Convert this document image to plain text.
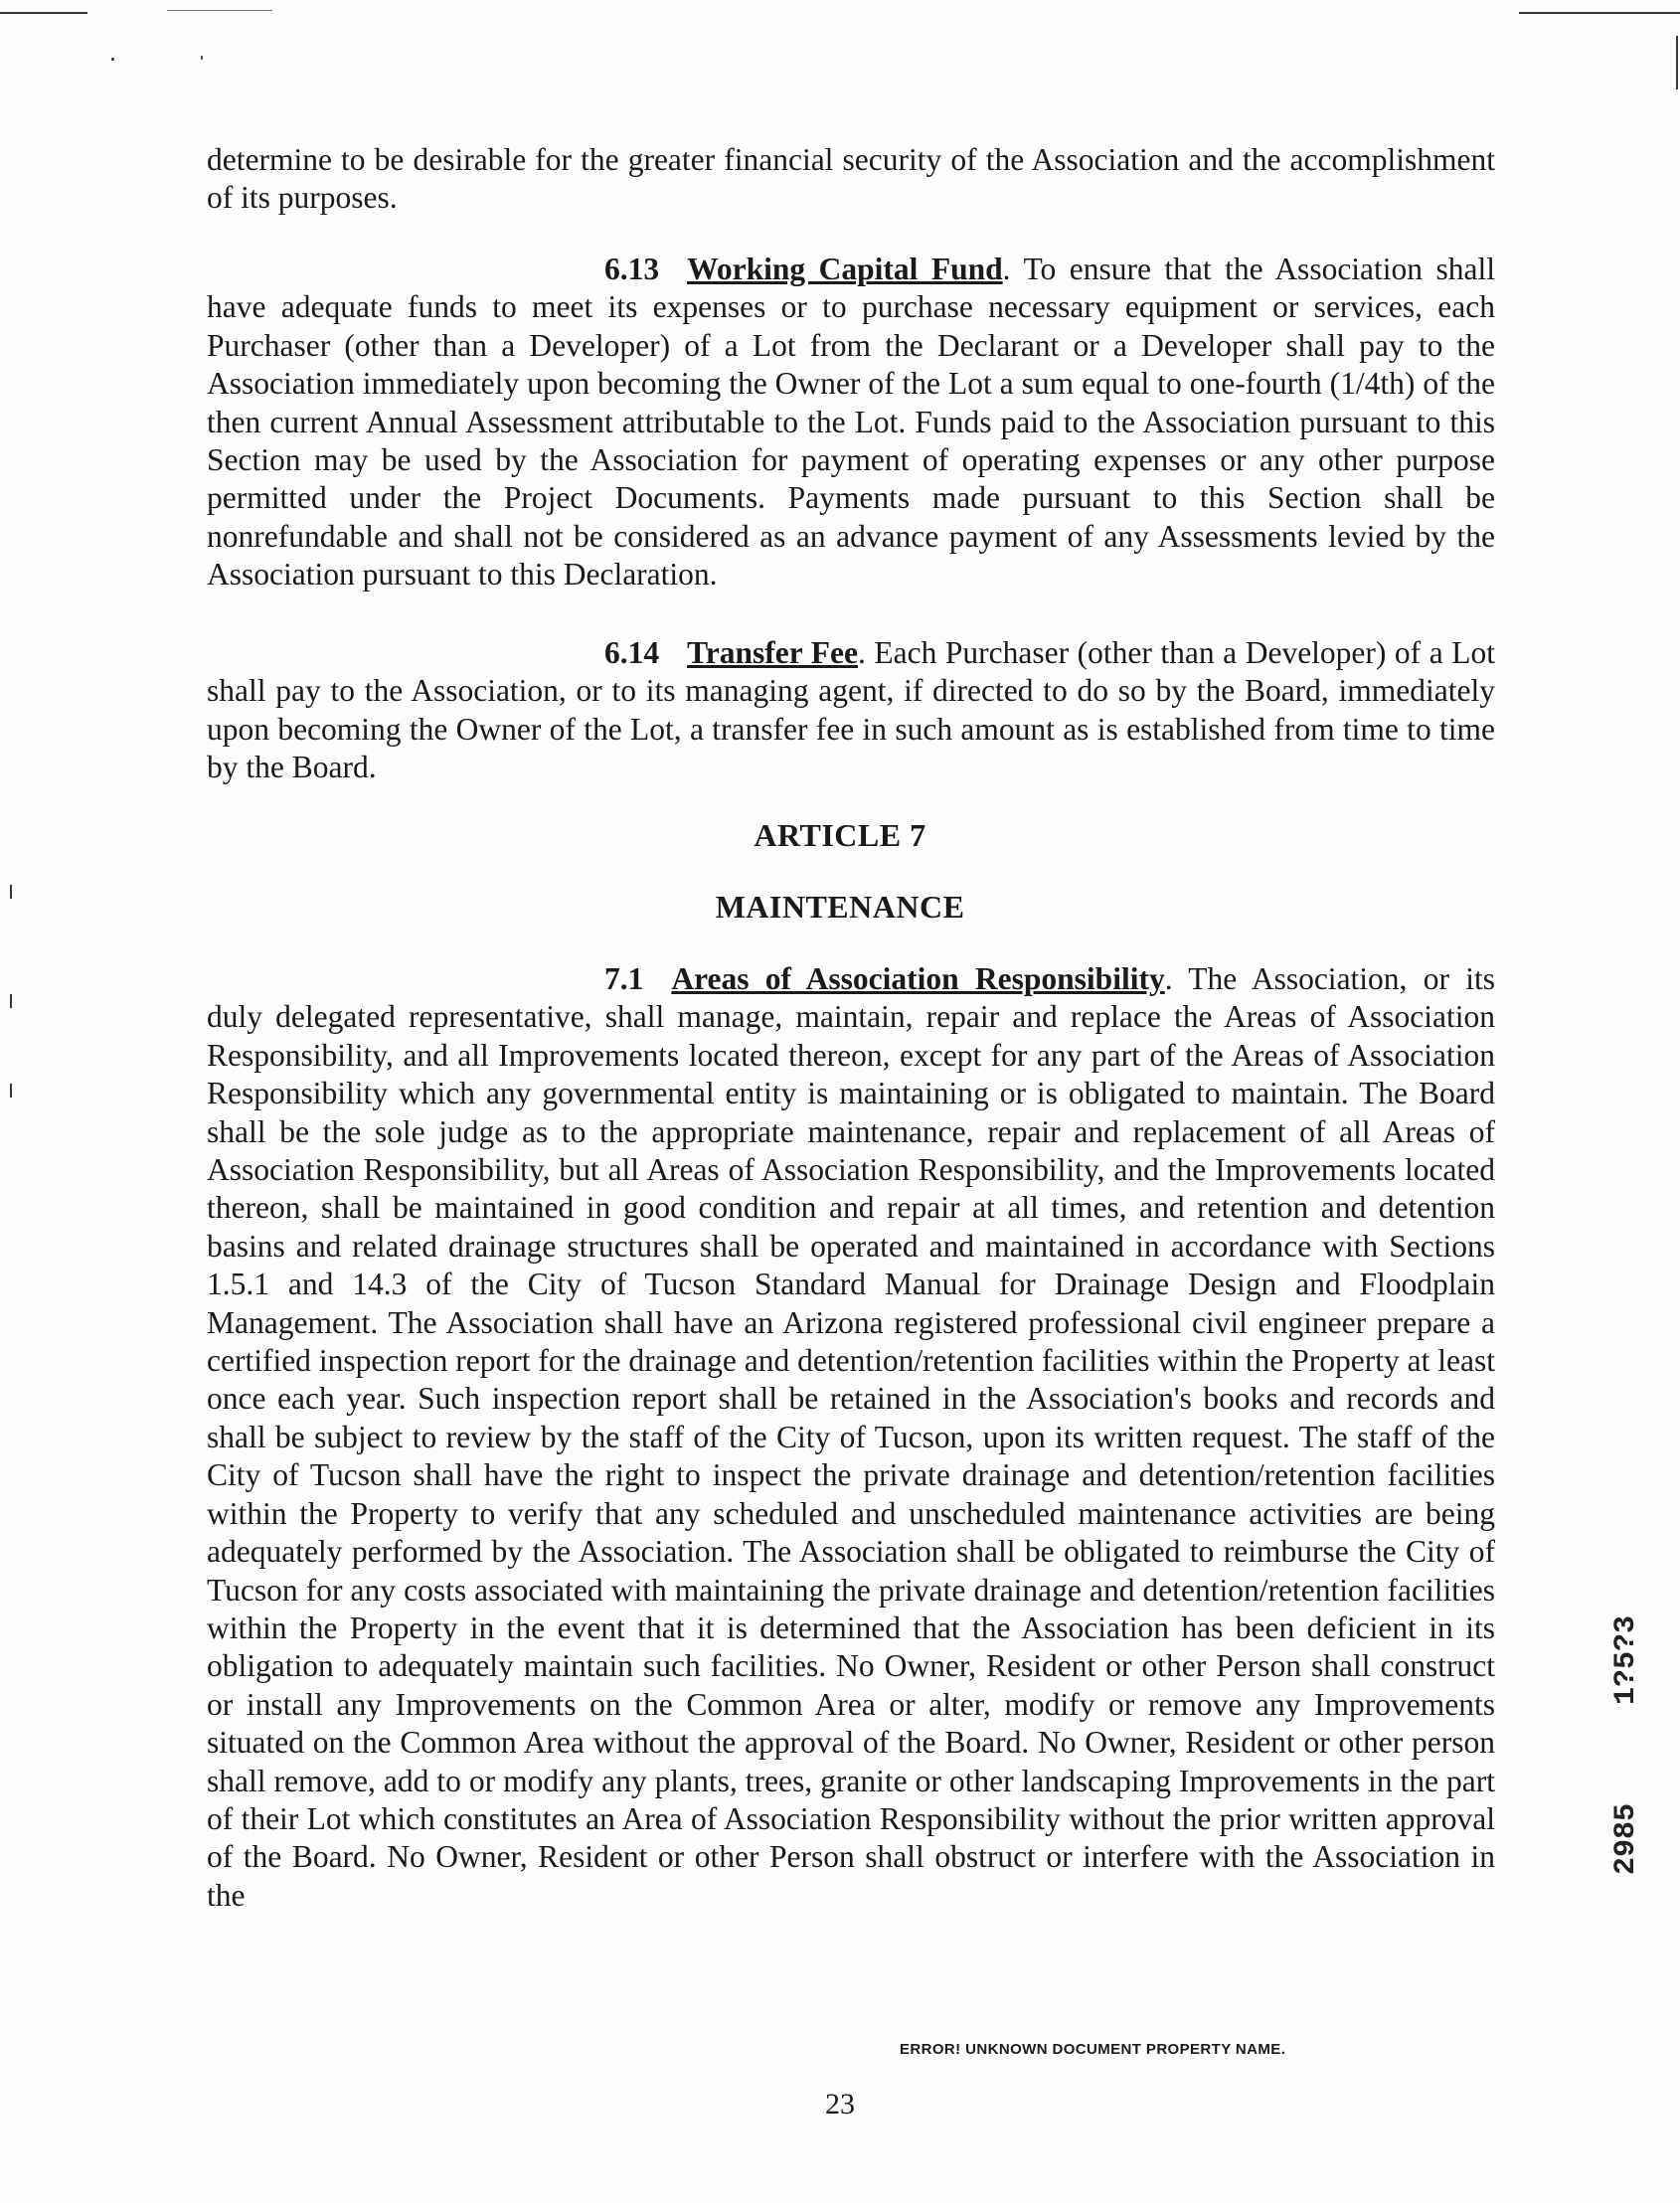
determine to be desirable for the greater financial security of the Association and the accomplishment of its purposes.

6.13 Working Capital Fund. To ensure that the Association shall have adequate funds to meet its expenses or to purchase necessary equipment or services, each Purchaser (other than a Developer) of a Lot from the Declarant or a Developer shall pay to the Association immediately upon becoming the Owner of the Lot a sum equal to one-fourth (1/4th) of the then current Annual Assessment attributable to the Lot. Funds paid to the Association pursuant to this Section may be used by the Association for payment of operating expenses or any other purpose permitted under the Project Documents. Payments made pursuant to this Section shall be nonrefundable and shall not be considered as an advance payment of any Assessments levied by the Association pursuant to this Declaration.

6.14 Transfer Fee. Each Purchaser (other than a Developer) of a Lot shall pay to the Association, or to its managing agent, if directed to do so by the Board, immediately upon becoming the Owner of the Lot, a transfer fee in such amount as is established from time to time by the Board.

ARTICLE 7
MAINTENANCE

7.1 Areas of Association Responsibility. The Association, or its duly delegated representative, shall manage, maintain, repair and replace the Areas of Association Responsibility, and all Improvements located thereon, except for any part of the Areas of Association Responsibility which any governmental entity is maintaining or is obligated to maintain. The Board shall be the sole judge as to the appropriate maintenance, repair and replacement of all Areas of Association Responsibility, but all Areas of Association Responsibility, and the Improvements located thereon, shall be maintained in good condition and repair at all times, and retention and detention basins and related drainage structures shall be operated and maintained in accordance with Sections 1.5.1 and 14.3 of the City of Tucson Standard Manual for Drainage Design and Floodplain Management. The Association shall have an Arizona registered professional civil engineer prepare a certified inspection report for the drainage and detention/retention facilities within the Property at least once each year. Such inspection report shall be retained in the Association's books and records and shall be subject to review by the staff of the City of Tucson, upon its written request. The staff of the City of Tucson shall have the right to inspect the private drainage and detention/retention facilities within the Property to verify that any scheduled and unscheduled maintenance activities are being adequately performed by the Association. The Association shall be obligated to reimburse the City of Tucson for any costs associated with maintaining the private drainage and detention/retention facilities within the Property in the event that it is determined that the Association has been deficient in its obligation to adequately maintain such facilities. No Owner, Resident or other Person shall construct or install any Improvements on the Common Area or alter, modify or remove any Improvements situated on the Common Area without the approval of the Board. No Owner, Resident or other person shall remove, add to or modify any plants, trees, granite or other landscaping Improvements in the part of their Lot which constitutes an Area of Association Responsibility without the prior written approval of the Board. No Owner, Resident or other Person shall obstruct or interfere with the Association in the

ERROR! UNKNOWN DOCUMENT PROPERTY NAME.

23

1?5?3

2985
